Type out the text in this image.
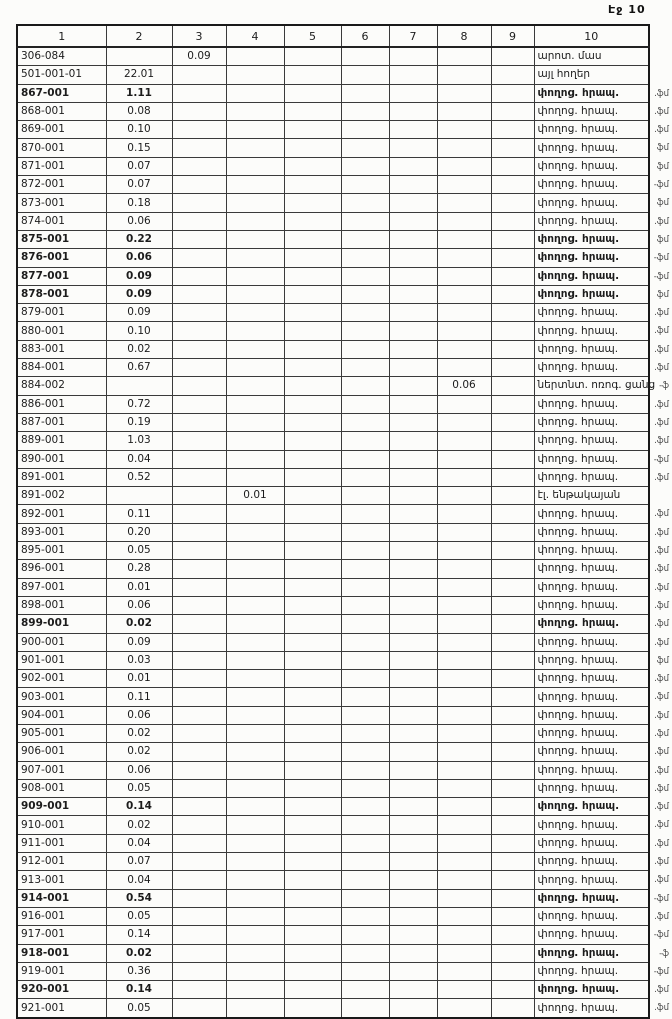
Էջ 10
1	2	3	4	5	6	7	8	9	10
306-084		0.09							արոտ. մաս
501-001-01	22.01								այլ հողեր
867-001	1.11								փողոց. հրապ. .ֆմ

868-001	0.08								փողոց. հրապ. .ֆմ

869-001	0.10								փողոց. հրապ. .ֆմ

870-001	0.15								փողոց. հրապ. ֆմ

871-001	0.07								փողոց. հրապ. ֆմ

872-001	0.07								փողոց. հրապ. -ֆմ

873-001	0.18								փողոց. հրապ. ֆմ

874-001	0.06								փողոց. հրապ. .ֆմ

875-001	0.22								փողոց. հրապ. ֆմ

876-001	0.06								փողոց. հրապ. -ֆմ

877-001	0.09								փողոց. հրապ. -ֆմ

878-001	0.09								փողոց. հրապ. ֆմ

879-001	0.09								փողոց. հրապ. .ֆմ

880-001	0.10								փողոց. հրապ. .ֆմ

883-001	0.02								փողոց. հրապ. .ֆմ

884-001	0.67								փողոց. հրապ. .ֆմ

884-002							0.06		ներտնտ. ոռոգ. ցանց -ֆ

886-001	0.72								փողոց. հրապ. .ֆմ

887-001	0.19								փողոց. հրապ. .ֆմ

889-001	1.03								փողոց. հրապ. .ֆմ

890-001	0.04								փողոց. հրապ. -ֆմ

891-001	0.52								փողոց. հրապ. .ֆմ

891-002			0.01						էլ. ենթակայան
892-001	0.11								փողոց. հրապ. .ֆմ

893-001	0.20								փողոց. հրապ. .ֆմ

895-001	0.05								փողոց. հրապ. .ֆմ

896-001	0.28								փողոց. հրապ. .ֆմ

897-001	0.01								փողոց. հրապ. .ֆմ

898-001	0.06								փողոց. հրապ. .ֆմ

899-001	0.02								փողոց. հրապ. .ֆմ

900-001	0.09								փողոց. հրապ. .ֆմ

901-001	0.03								փողոց. հրապ. ֆմ

902-001	0.01								փողոց. հրապ. .ֆմ

903-001	0.11								փողոց. հրապ. .ֆմ

904-001	0.06								փողոց. հրապ. .ֆմ

905-001	0.02								փողոց. հրապ. .ֆմ

906-001	0.02								փողոց. հրապ. .ֆմ

907-001	0.06								փողոց. հրապ. .ֆմ

908-001	0.05								փողոց. հրապ. .ֆմ

909-001	0.14								փողոց. հրապ. .ֆմ

910-001	0.02								փողոց. հրապ. .ֆմ

911-001	0.04								փողոց. հրապ. .ֆմ

912-001	0.07								փողոց. հրապ. .ֆմ

913-001	0.04								փողոց. հրապ. .ֆմ

914-001	0.54								փողոց. հրապ. -ֆմ

916-001	0.05								փողոց. հրապ. .ֆմ

917-001	0.14								փողոց. հրապ. -ֆմ

918-001	0.02								փողոց. հրապ. -ֆ

919-001	0.36								փողոց. հրապ. -ֆմ

920-001	0.14								փողոց. հրապ. .ֆմ

921-001	0.05								փողոց. հրապ. .ֆմ
